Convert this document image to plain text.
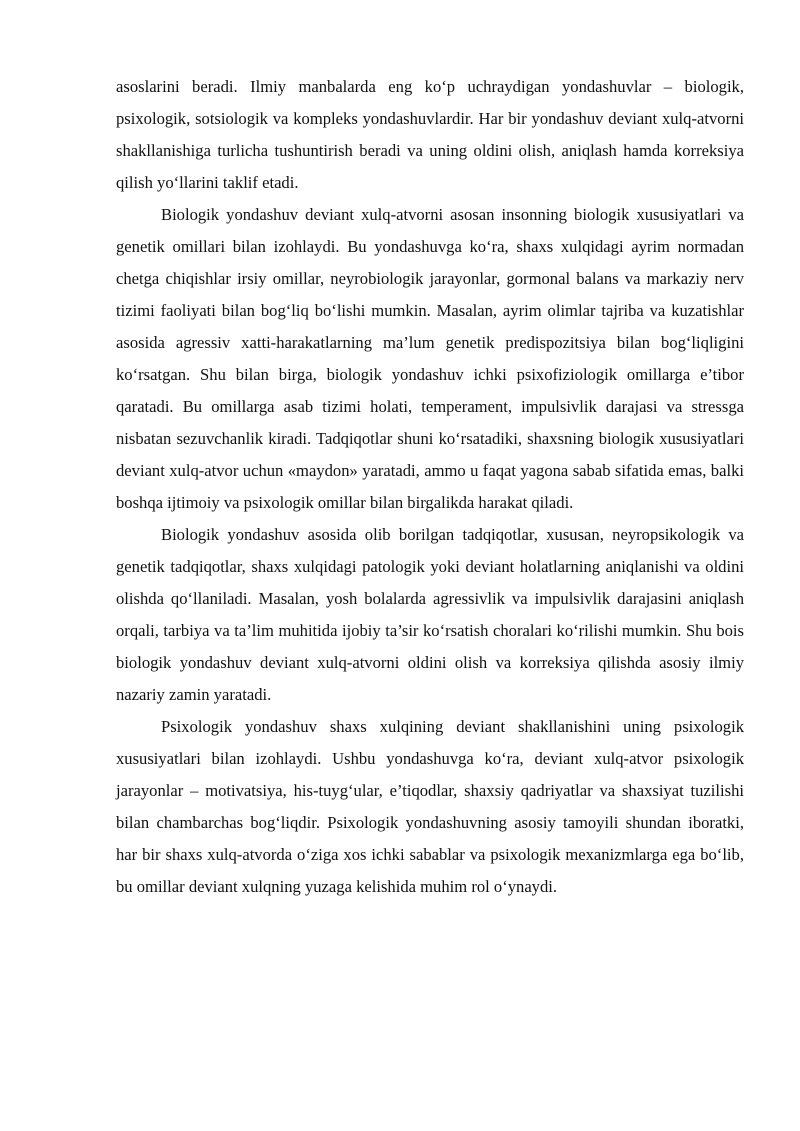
asoslarini beradi. Ilmiy manbalarda eng ko‘p uchraydigan yondashuvlar – biologik, psixologik, sotsiologik va kompleks yondashuvlardir. Har bir yondashuv deviant xulq-atvorni shakllanishiga turlicha tushuntirish beradi va uning oldini olish, aniqlash hamda korreksiya qilish yo‘llarini taklif etadi.

Biologik yondashuv deviant xulq-atvorni asosan insonning biologik xususiyatlari va genetik omillari bilan izohlaydi. Bu yondashuvga ko‘ra, shaxs xulqidagi ayrim normadan chetga chiqishlar irsiy omillar, neyrobiologik jarayonlar, gormonal balans va markaziy nerv tizimi faoliyati bilan bog‘liq bo‘lishi mumkin. Masalan, ayrim olimlar tajriba va kuzatishlar asosida agressiv xatti-harakatlarning ma’lum genetik predispozitsiya bilan bog‘liqligini ko‘rsatgan. Shu bilan birga, biologik yondashuv ichki psixofiziologik omillarga e’tibor qaratadi. Bu omillarga asab tizimi holati, temperament, impulsivlik darajasi va stressga nisbatan sezuvchanlik kiradi. Tadqiqotlar shuni ko‘rsatadiki, shaxsning biologik xususiyatlari deviant xulq-atvor uchun «maydon» yaratadi, ammo u faqat yagona sabab sifatida emas, balki boshqa ijtimoiy va psixologik omillar bilan birgalikda harakat qiladi.

Biologik yondashuv asosida olib borilgan tadqiqotlar, xususan, neyropsikologik va genetik tadqiqotlar, shaxs xulqidagi patologik yoki deviant holatlarning aniqlanishi va oldini olishda qo‘llaniladi. Masalan, yosh bolalarda agressivlik va impulsivlik darajasini aniqlash orqali, tarbiya va ta’lim muhitida ijobiy ta’sir ko‘rsatish choralari ko‘rilishi mumkin. Shu bois biologik yondashuv deviant xulq-atvorni oldini olish va korreksiya qilishda asosiy ilmiy nazariy zamin yaratadi.

Psixologik yondashuv shaxs xulqining deviant shakllanishini uning psixologik xususiyatlari bilan izohlaydi. Ushbu yondashuvga ko‘ra, deviant xulq-atvor psixologik jarayonlar – motivatsiya, his-tuyg‘ular, e’tiqodlar, shaxsiy qadriyatlar va shaxsiyat tuzilishi bilan chambarchas bog‘liqdir. Psixologik yondashuvning asosiy tamoyili shundan iboratki, har bir shaxs xulq-atvorda o‘ziga xos ichki sabablar va psixologik mexanizmlarga ega bo‘lib, bu omillar deviant xulqning yuzaga kelishida muhim rol o‘ynaydi.
